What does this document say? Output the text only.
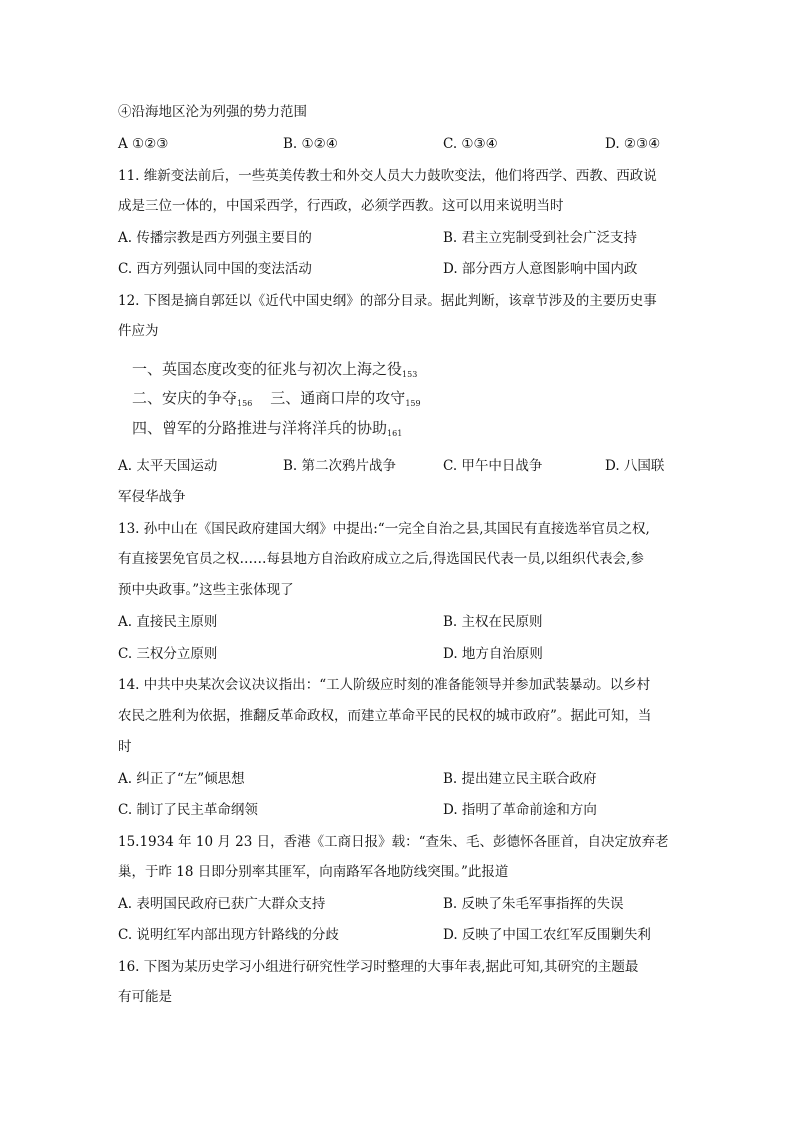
④沿海地区沦为列强的势力范围
A ①②③	B. ①②④	C. ①③④	D. ②③④
11. 维新变法前后，一些英美传教士和外交人员大力鼓吹变法，他们将西学、西教、西政说
成是三位一体的，中国采西学，行西政，必须学西教。这可以用来说明当时
A. 传播宗教是西方列强主要目的	B. 君主立宪制受到社会广泛支持
C. 西方列强认同中国的变法活动	D. 部分西方人意图影响中国内政
12. 下图是摘自郭廷以《近代中国史纲》的部分目录。据此判断，该章节涉及的主要历史事
件应为
一、英国态度改变的征兆与初次上海之役$_{153}$
二、安庆的争夺$_{156}$ 三、通商口岸的攻守$_{159}$
四、曾军的分路推进与洋将洋兵的协助$_{161}$
A. 太平天国运动	B. 第二次鸦片战争	C. 甲午中日战争	D. 八国联
军侵华战争
13. 孙中山在《国民政府建国大纲》中提出:“一完全自治之县,其国民有直接选举官员之权,
有直接罢免官员之权……每县地方自治政府成立之后,得选国民代表一员,以组织代表会,参
预中央政事。”这些主张体现了
A. 直接民主原则	B. 主权在民原则
C. 三权分立原则	D. 地方自治原则
14. 中共中央某次会议决议指出：“工人阶级应时刻的准备能领导并参加武装暴动。以乡村
农民之胜利为依据，推翻反革命政权，而建立革命平民的民权的城市政府”。据此可知，当
时
A. 纠正了“左”倾思想	B. 提出建立民主联合政府
C. 制订了民主革命纲领	D. 指明了革命前途和方向
15.1934 年 10 月 23 日，香港《工商日报》载：“查朱、毛、彭德怀各匪首，自决定放弃老
巢，于昨 18 日即分别率其匪军，向南路军各地防线突围。”此报道
A. 表明国民政府已获广大群众支持	B. 反映了朱毛军事指挥的失误
C. 说明红军内部出现方针路线的分歧	D. 反映了中国工农红军反围剿失利
16. 下图为某历史学习小组进行研究性学习时整理的大事年表,据此可知,其研究的主题最
有可能是
